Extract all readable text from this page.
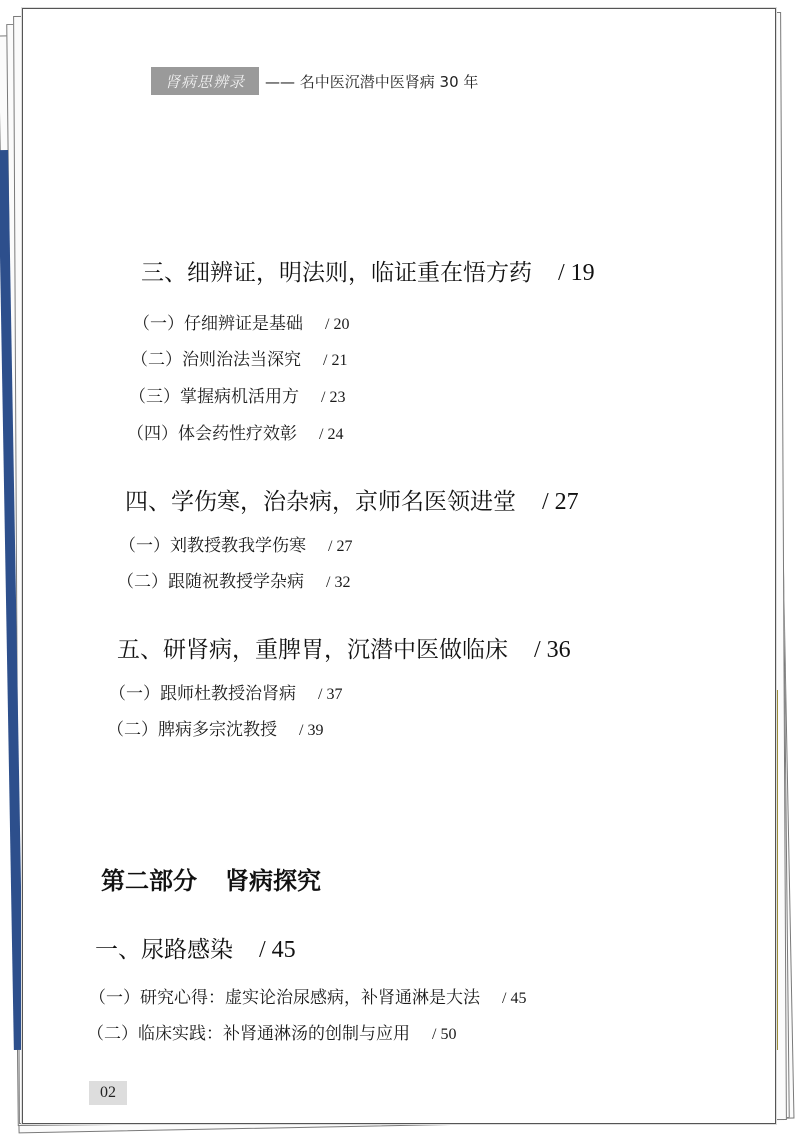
肾病思辨录	—— 名中医沉潜中医肾病 30 年
三、细辨证，明法则，临证重在悟方药 / 19
（一）仔细辨证是基础 / 20
（二）治则治法当深究 / 21
（三）掌握病机活用方 / 23
（四）体会药性疗效彰 / 24
四、学伤寒，治杂病，京师名医领进堂 / 27
（一）刘教授教我学伤寒 / 27
（二）跟随祝教授学杂病 / 32
五、研肾病，重脾胃，沉潜中医做临床 / 36
（一）跟师杜教授治肾病 / 37
（二）脾病多宗沈教授 / 39
第二部分 肾病探究
一、尿路感染 / 45
（一）研究心得：虚实论治尿感病，补肾通淋是大法 / 45
（二）临床实践：补肾通淋汤的创制与应用 / 50
02
